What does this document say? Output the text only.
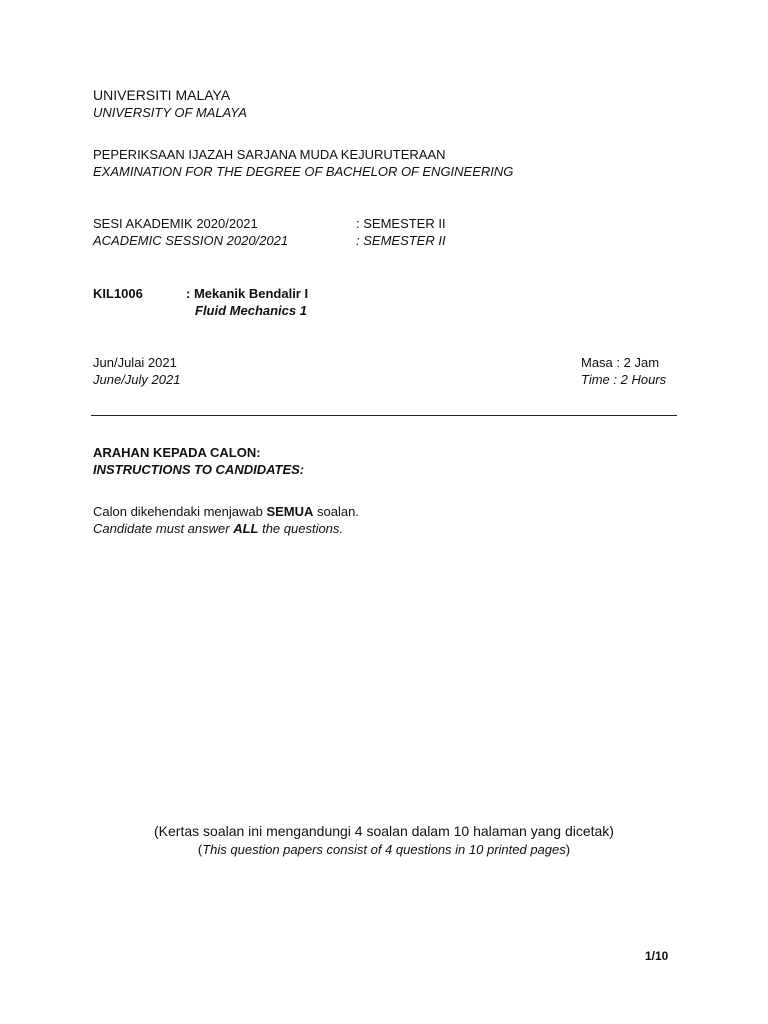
UNIVERSITI MALAYA
UNIVERSITY OF MALAYA
PEPERIKSAAN IJAZAH SARJANA MUDA KEJURUTERAAN
EXAMINATION FOR THE DEGREE OF BACHELOR OF ENGINEERING
SESI AKADEMIK 2020/2021
ACADEMIC SESSION 2020/2021
: SEMESTER II
: SEMESTER II
KIL1006	: Mekanik Bendalir I
Fluid Mechanics 1
Jun/Julai 2021
June/July 2021
Masa : 2 Jam
Time : 2 Hours
ARAHAN KEPADA CALON:
INSTRUCTIONS TO CANDIDATES:
Calon dikehendaki menjawab SEMUA soalan.
Candidate must answer ALL the questions.
(Kertas soalan ini mengandungi 4 soalan dalam 10 halaman yang dicetak)
(This question papers consist of 4 questions in 10 printed pages)
1/10
